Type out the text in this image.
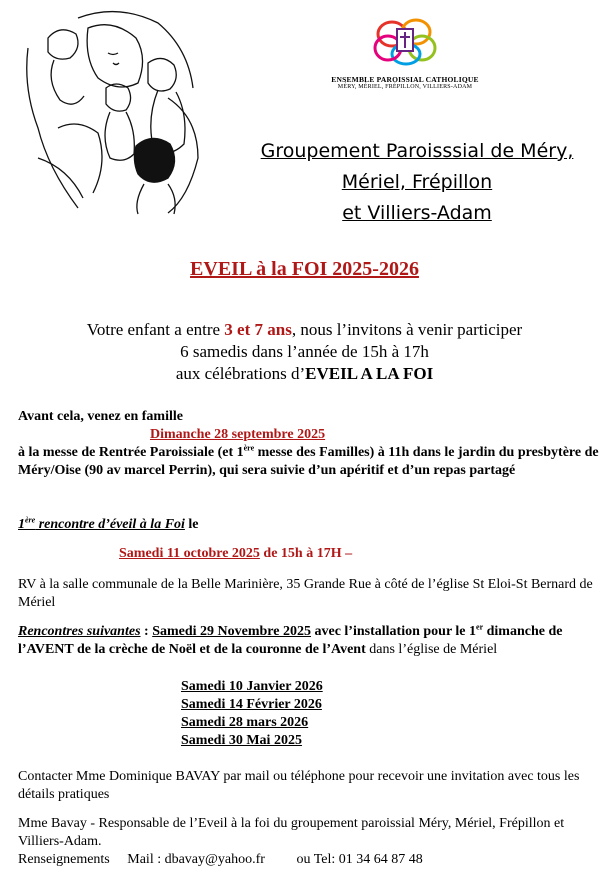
ENSEMBLE PAROISSIAL CATHOLIQUE
MÉRY, MÉRIEL, FRÉPILLON, VILLIERS-ADAM
Groupement Paroisssial de Méry,
Mériel, Frépillon
et Villiers-Adam
EVEIL à la FOI 2025-2026
Votre enfant a entre 3 et 7 ans, nous l’invitons à venir participer
6 samedis dans l’année de 15h à 17h
aux célébrations d’EVEIL A LA FOI
Avant cela, venez en famille
Dimanche 28 septembre 2025
à la messe de Rentrée Paroissiale (et 1ère messe des Familles) à 11h dans le jardin du presbytère de Méry/Oise (90 av marcel Perrin), qui sera suivie d’un apéritif et d’un repas partagé
1ère rencontre d’éveil à la Foi le
Samedi 11 octobre 2025 de 15h à 17H –
RV à la salle communale de la Belle Marinière, 35 Grande Rue à côté de l’église St Eloi-St Bernard de Mériel
Rencontres suivantes : Samedi 29 Novembre 2025 avec l’installation pour le 1er dimanche de l’AVENT de la crèche de Noël et de la couronne de l’Avent dans l’église de Mériel
Samedi 10 Janvier 2026
Samedi 14 Février 2026
Samedi 28 mars 2026
Samedi 30 Mai 2025
Contacter Mme Dominique BAVAY par mail ou téléphone pour recevoir une invitation avec tous les détails pratiques
Mme Bavay - Responsable de l’Eveil à la foi du groupement paroissial Méry, Mériel, Frépillon et Villiers-Adam.
Renseignements Mail : dbavay@yahoo.fr ou Tel: 01 34 64 87 48
